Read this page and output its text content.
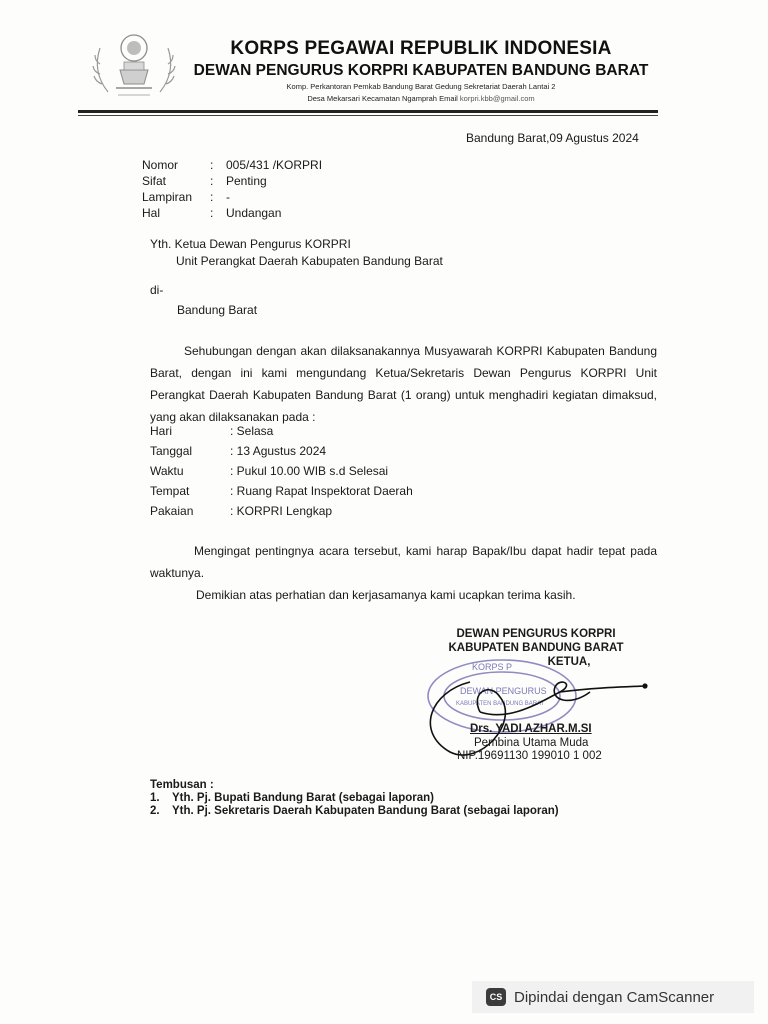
KORPS PEGAWAI REPUBLIK INDONESIA
DEWAN PENGURUS KORPRI KABUPATEN BANDUNG BARAT
Komp. Perkantoran Pemkab Bandung Barat Gedung Sekretariat Daerah Lantai 2
Desa Mekarsari Kecamatan Ngamprah Email korpri.kbb@gmail.com
Bandung Barat,09 Agustus 2024
Nomor	:	005/431 /KORPRI
Sifat	:	Penting
Lampiran	:	-
Hal	:	Undangan
Yth. Ketua Dewan Pengurus KORPRI
Unit Perangkat Daerah Kabupaten Bandung Barat
di-
Bandung Barat

Sehubungan dengan akan dilaksanakannya Musyawarah KORPRI Kabupaten Bandung Barat, dengan ini kami mengundang Ketua/Sekretaris Dewan Pengurus KORPRI Unit Perangkat Daerah Kabupaten Bandung Barat (1 orang) untuk menghadiri kegiatan dimaksud, yang akan dilaksanakan pada :

Hari	: Selasa
Tanggal	: 13 Agustus 2024
Waktu	: Pukul 10.00 WIB s.d Selesai
Tempat	: Ruang Rapat Inspektorat Daerah
Pakaian	: KORPRI Lengkap

Mengingat pentingnya acara tersebut, kami harap Bapak/Ibu dapat hadir tepat pada waktunya.

Demikian atas perhatian dan kerjasamanya kami ucapkan terima kasih.

DEWAN PENGURUS KORPRI
KABUPATEN BANDUNG BARAT
KETUA,
KORPS P
DEWAN PENGURUS
KABUPATEN BANDUNG BARAT
Drs. YADI AZHAR.M.SI
Pembina Utama Muda
NIP.19691130 199010 1 002
Tembusan :
1.	Yth. Pj. Bupati Bandung Barat (sebagai laporan)
2.	Yth. Pj. Sekretaris Daerah Kabupaten Bandung Barat (sebagai laporan)
CS Dipindai dengan CamScanner
